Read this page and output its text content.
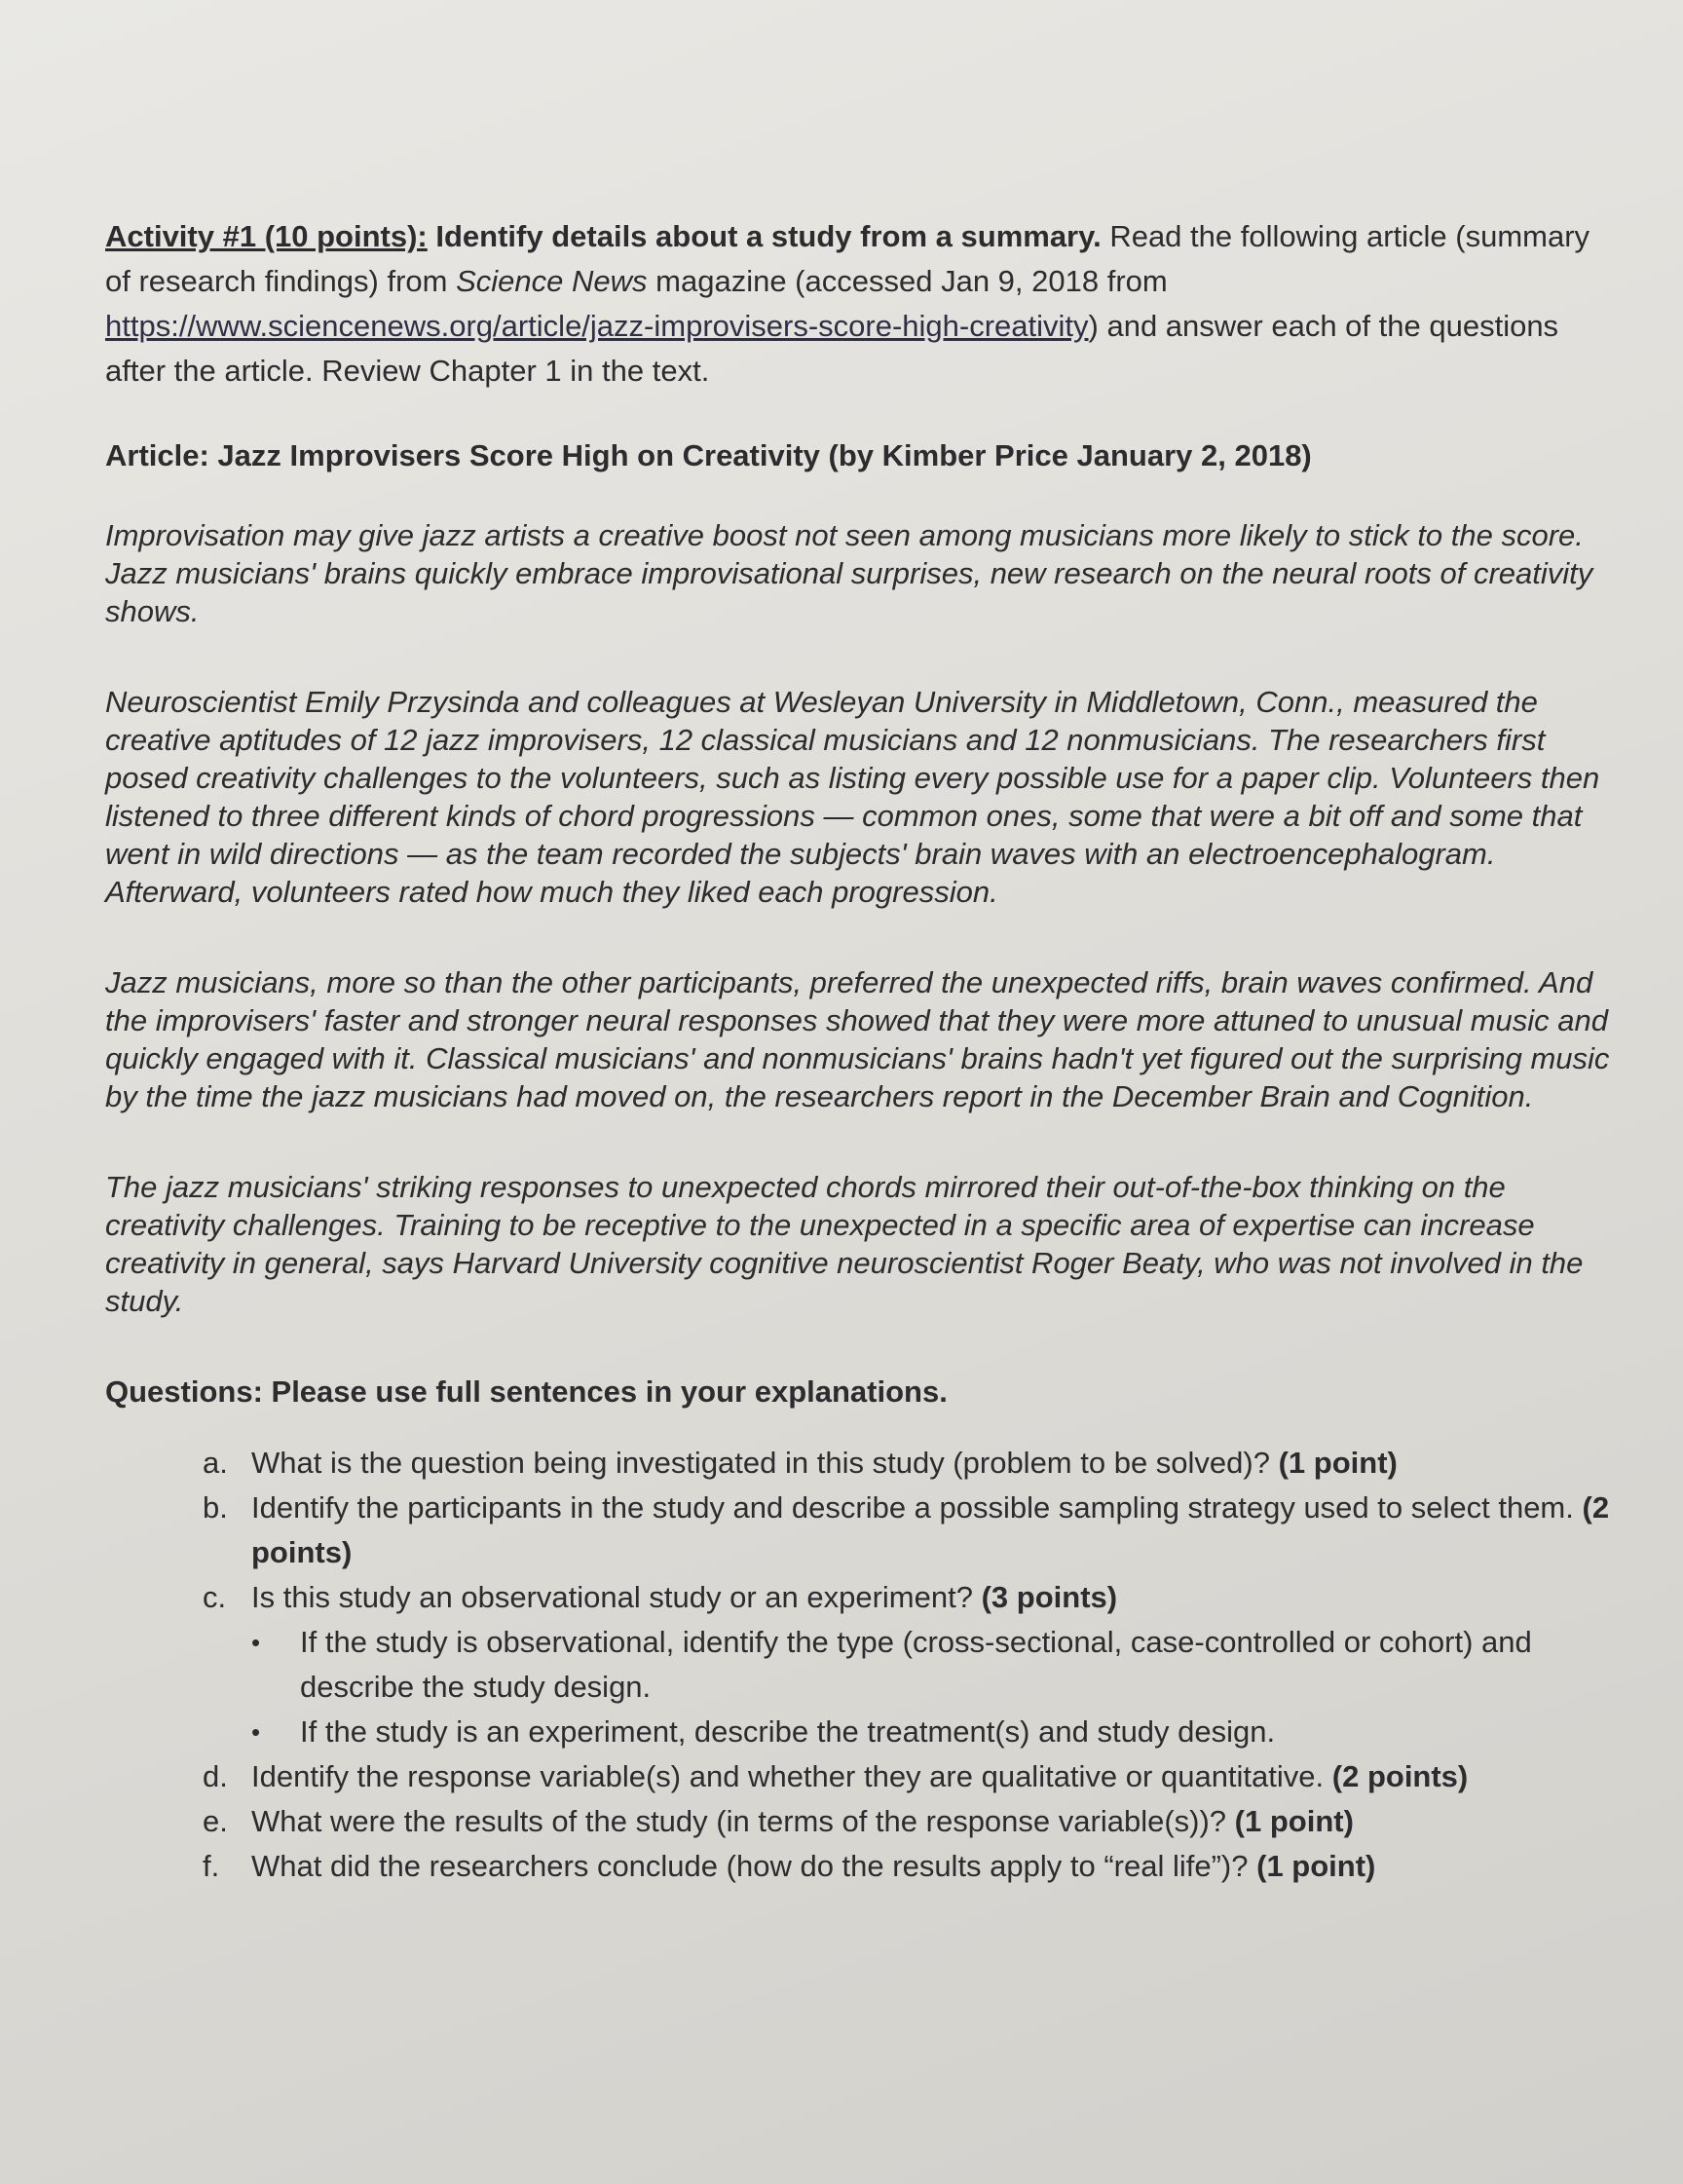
Activity #1 (10 points): Identify details about a study from a summary. Read the following article (summary of research findings) from Science News magazine (accessed Jan 9, 2018 from https://www.sciencenews.org/article/jazz-improvisers-score-high-creativity) and answer each of the questions after the article. Review Chapter 1 in the text.

Article: Jazz Improvisers Score High on Creativity (by Kimber Price January 2, 2018)

Improvisation may give jazz artists a creative boost not seen among musicians more likely to stick to the score. Jazz musicians' brains quickly embrace improvisational surprises, new research on the neural roots of creativity shows.

Neuroscientist Emily Przysinda and colleagues at Wesleyan University in Middletown, Conn., measured the creative aptitudes of 12 jazz improvisers, 12 classical musicians and 12 nonmusicians. The researchers first posed creativity challenges to the volunteers, such as listing every possible use for a paper clip. Volunteers then listened to three different kinds of chord progressions — common ones, some that were a bit off and some that went in wild directions — as the team recorded the subjects' brain waves with an electroencephalogram. Afterward, volunteers rated how much they liked each progression.

Jazz musicians, more so than the other participants, preferred the unexpected riffs, brain waves confirmed. And the improvisers' faster and stronger neural responses showed that they were more attuned to unusual music and quickly engaged with it. Classical musicians' and nonmusicians' brains hadn't yet figured out the surprising music by the time the jazz musicians had moved on, the researchers report in the December Brain and Cognition.

The jazz musicians' striking responses to unexpected chords mirrored their out-of-the-box thinking on the creativity challenges. Training to be receptive to the unexpected in a specific area of expertise can increase creativity in general, says Harvard University cognitive neuroscientist Roger Beaty, who was not involved in the study.

Questions: Please use full sentences in your explanations.
a. What is the question being investigated in this study (problem to be solved)? (1 point)
b. Identify the participants in the study and describe a possible sampling strategy used to select them. (2 points)
c. Is this study an observational study or an experiment? (3 points)
•	If the study is observational, identify the type (cross-sectional, case-controlled or cohort) and describe the study design.
•	If the study is an experiment, describe the treatment(s) and study design.
d. Identify the response variable(s) and whether they are qualitative or quantitative. (2 points)
e. What were the results of the study (in terms of the response variable(s))? (1 point)
f.	What did the researchers conclude (how do the results apply to “real life”)? (1 point)
